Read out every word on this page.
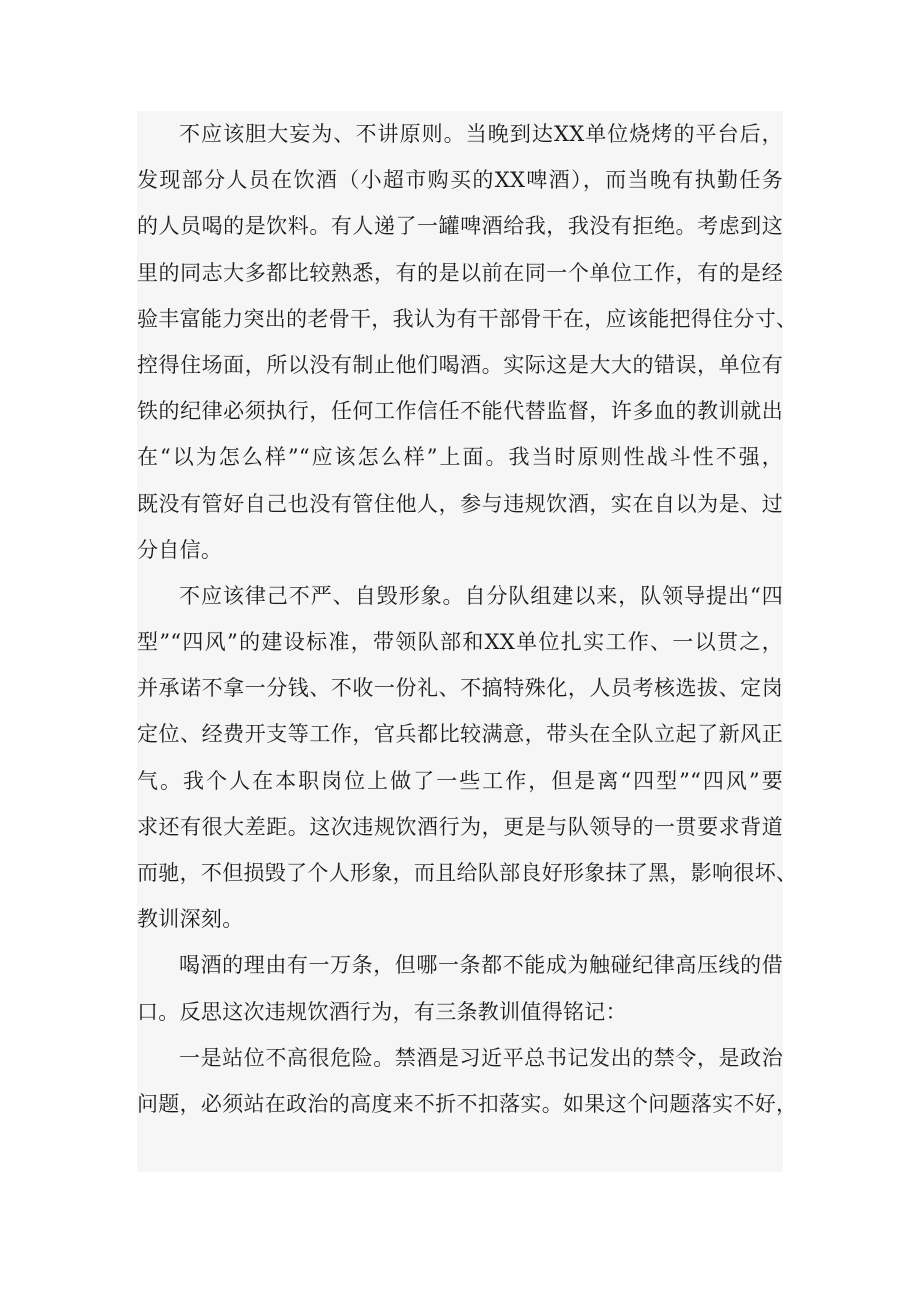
不应该胆大妄为、不讲原则。当晚到达XX单位烧烤的平台后，
发现部分人员在饮酒（小超市购买的XX啤酒），而当晚有执勤任务
的人员喝的是饮料。有人递了一罐啤酒给我，我没有拒绝。考虑到这
里的同志大多都比较熟悉，有的是以前在同一个单位工作，有的是经
验丰富能力突出的老骨干，我认为有干部骨干在，应该能把得住分寸、
控得住场面，所以没有制止他们喝酒。实际这是大大的错误，单位有
铁的纪律必须执行，任何工作信任不能代替监督，许多血的教训就出
在“以为怎么样”“应该怎么样”上面。我当时原则性战斗性不强，
既没有管好自己也没有管住他人，参与违规饮酒，实在自以为是、过
分自信。
不应该律己不严、自毁形象。自分队组建以来，队领导提出“四
型”“四风”的建设标准，带领队部和XX单位扎实工作、一以贯之，
并承诺不拿一分钱、不收一份礼、不搞特殊化，人员考核选拔、定岗
定位、经费开支等工作，官兵都比较满意，带头在全队立起了新风正
气。我个人在本职岗位上做了一些工作，但是离“四型”“四风”要
求还有很大差距。这次违规饮酒行为，更是与队领导的一贯要求背道
而驰，不但损毁了个人形象，而且给队部良好形象抹了黑，影响很坏、
教训深刻。
喝酒的理由有一万条，但哪一条都不能成为触碰纪律高压线的借
口。反思这次违规饮酒行为，有三条教训值得铭记：
一是站位不高很危险。禁酒是习近平总书记发出的禁令，是政治
问题，必须站在政治的高度来不折不扣落实。如果这个问题落实不好，
